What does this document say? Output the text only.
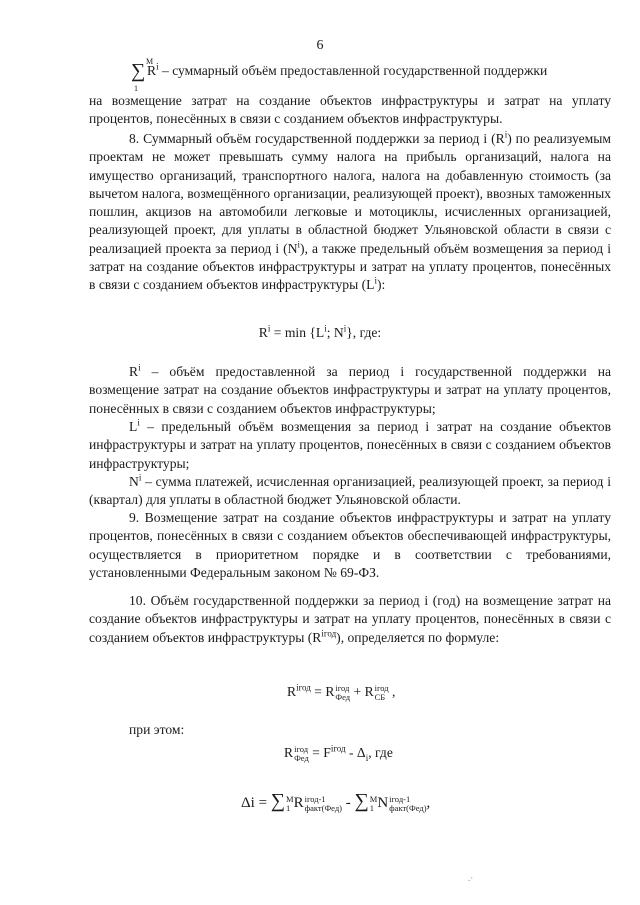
6
M
∑
1
$R^i$ – суммарный объём предоставленной государственной поддержки

на возмещение затрат на создание объектов инфраструктуры и затрат на уплату процентов, понесённых в связи с созданием объектов инфраструктуры.

8. Суммарный объём государственной поддержки за период i $(R^i)$ по реализуемым проектам не может превышать сумму налога на прибыль организаций, налога на имущество организаций, транспортного налога, налога на добавленную стоимость (за вычетом налога, возмещённого организации, реализующей проект), ввозных таможенных пошлин, акцизов на автомобили легковые и мотоциклы, исчисленных организацией, реализующей проект, для уплаты в областной бюджет Ульяновской области в связи с реализацией проекта за период i $(N^i)$, а также предельный объём возмещения за период i затрат на создание объектов инфраструктуры и затрат на уплату процентов, понесённых в связи с созданием объектов инфраструктуры $(L^i)$:

$R^i = \min \{L^i$; $N^i$}, где:

$R^i$ – объём предоставленной за период i государственной поддержки на возмещение затрат на создание объектов инфраструктуры и затрат на уплату процентов, понесённых в связи с созданием объектов инфраструктуры;

$L^i$ – предельный объём возмещения за период i затрат на создание объектов инфраструктуры и затрат на уплату процентов, понесённых в связи с созданием объектов инфраструктуры;

$N^i$ – сумма платежей, исчисленная организацией, реализующей проект, за период i (квартал) для уплаты в областной бюджет Ульяновской области.

9. Возмещение затрат на создание объектов инфраструктуры и затрат на уплату процентов, понесённых в связи с созданием объектов обеспечивающей инфраструктуры, осуществляется в приоритетном порядке и в соответствии с требованиями, установленными Федеральным законом № 69-ФЗ.

10. Объём государственной поддержки за период i (год) на возмещение затрат на создание объектов инфраструктуры и затрат на уплату процентов, понесённых в связи с созданием объектов инфраструктуры $(R^{iгод})$, определяется по формуле:

$R^{iгод} = R$ iгод
Фед + R iгод
СБ ,
при этом:
R iгод
Фед = $F^{iгод} - \Delta_i$, где
Δi = ∑ M
1 R iгод-1
факт(Фед) - ∑ M
1 N iгод-1
факт(Фед) ,
.·
